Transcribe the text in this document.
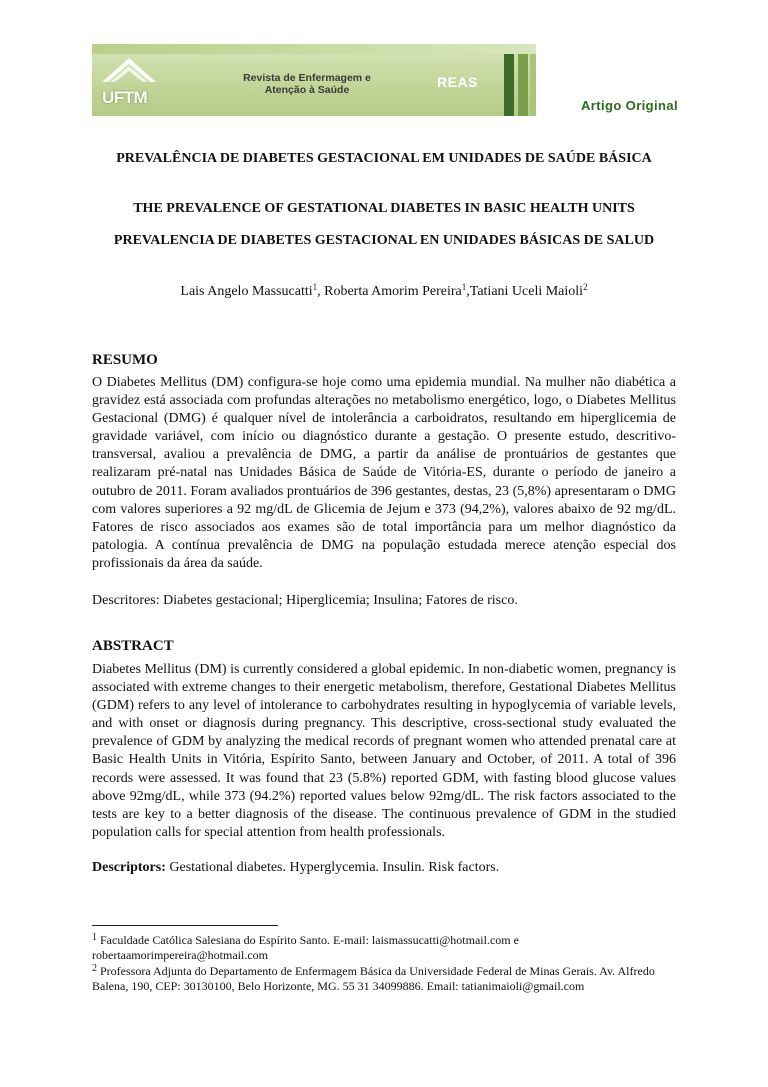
UFTM
Revista de Enfermagem e
Atenção à Saúde	REAS
Artigo Original
PREVALÊNCIA DE DIABETES GESTACIONAL EM UNIDADES DE SAÚDE BÁSICA
THE PREVALENCE OF GESTATIONAL DIABETES IN BASIC HEALTH UNITS
PREVALENCIA DE DIABETES GESTACIONAL EN UNIDADES BÁSICAS DE SALUD
Lais Angelo Massucatti$^1$, Roberta Amorim Pereira$^1$,Tatiani Uceli Maioli$^2$
RESUMO
O Diabetes Mellitus (DM) configura-se hoje como uma epidemia mundial. Na mulher não diabética a gravidez está associada com profundas alterações no metabolismo energético, logo, o Diabetes Mellitus Gestacional (DMG) é qualquer nível de intolerância a carboidratos, resultando em hiperglicemia de gravidade variável, com início ou diagnóstico durante a gestação. O presente estudo, descritivo-transversal, avaliou a prevalência de DMG, a partir da análise de prontuários de gestantes que realizaram pré-natal nas Unidades Básica de Saúde de Vitória-ES, durante o período de janeiro a outubro de 2011. Foram avaliados prontuários de 396 gestantes, destas, 23 (5,8%) apresentaram o DMG com valores superiores a 92 mg/dL de Glicemia de Jejum e 373 (94,2%), valores abaixo de 92 mg/dL. Fatores de risco associados aos exames são de total importância para um melhor diagnóstico da patologia. A contínua prevalência de DMG na população estudada merece atenção especial dos profissionais da área da saúde.
Descritores: Diabetes gestacional; Hiperglicemia; Insulina; Fatores de risco.
ABSTRACT
Diabetes Mellitus (DM) is currently considered a global epidemic. In non-diabetic women, pregnancy is associated with extreme changes to their energetic metabolism, therefore, Gestational Diabetes Mellitus (GDM) refers to any level of intolerance to carbohydrates resulting in hypoglycemia of variable levels, and with onset or diagnosis during pregnancy. This descriptive, cross-sectional study evaluated the prevalence of GDM by analyzing the medical records of pregnant women who attended prenatal care at Basic Health Units in Vitória, Espírito Santo, between January and October, of 2011. A total of 396 records were assessed. It was found that 23 (5.8%) reported GDM, with fasting blood glucose values above 92mg/dL, while 373 (94.2%) reported values below 92mg/dL. The risk factors associated to the tests are key to a better diagnosis of the disease. The continuous prevalence of GDM in the studied population calls for special attention from health professionals.
Descriptors: Gestational diabetes. Hyperglycemia. Insulin. Risk factors.
$^1$ Faculdade Católica Salesiana do Espírito Santo. E-mail: laismassucatti@hotmail.com e robertaamorimpereira@hotmail.com
$^2$ Professora Adjunta do Departamento de Enfermagem Básica da Universidade Federal de Minas Gerais. Av. Alfredo Balena, 190, CEP: 30130100, Belo Horizonte, MG. 55 31 34099886. Email: tatianimaioli@gmail.com
